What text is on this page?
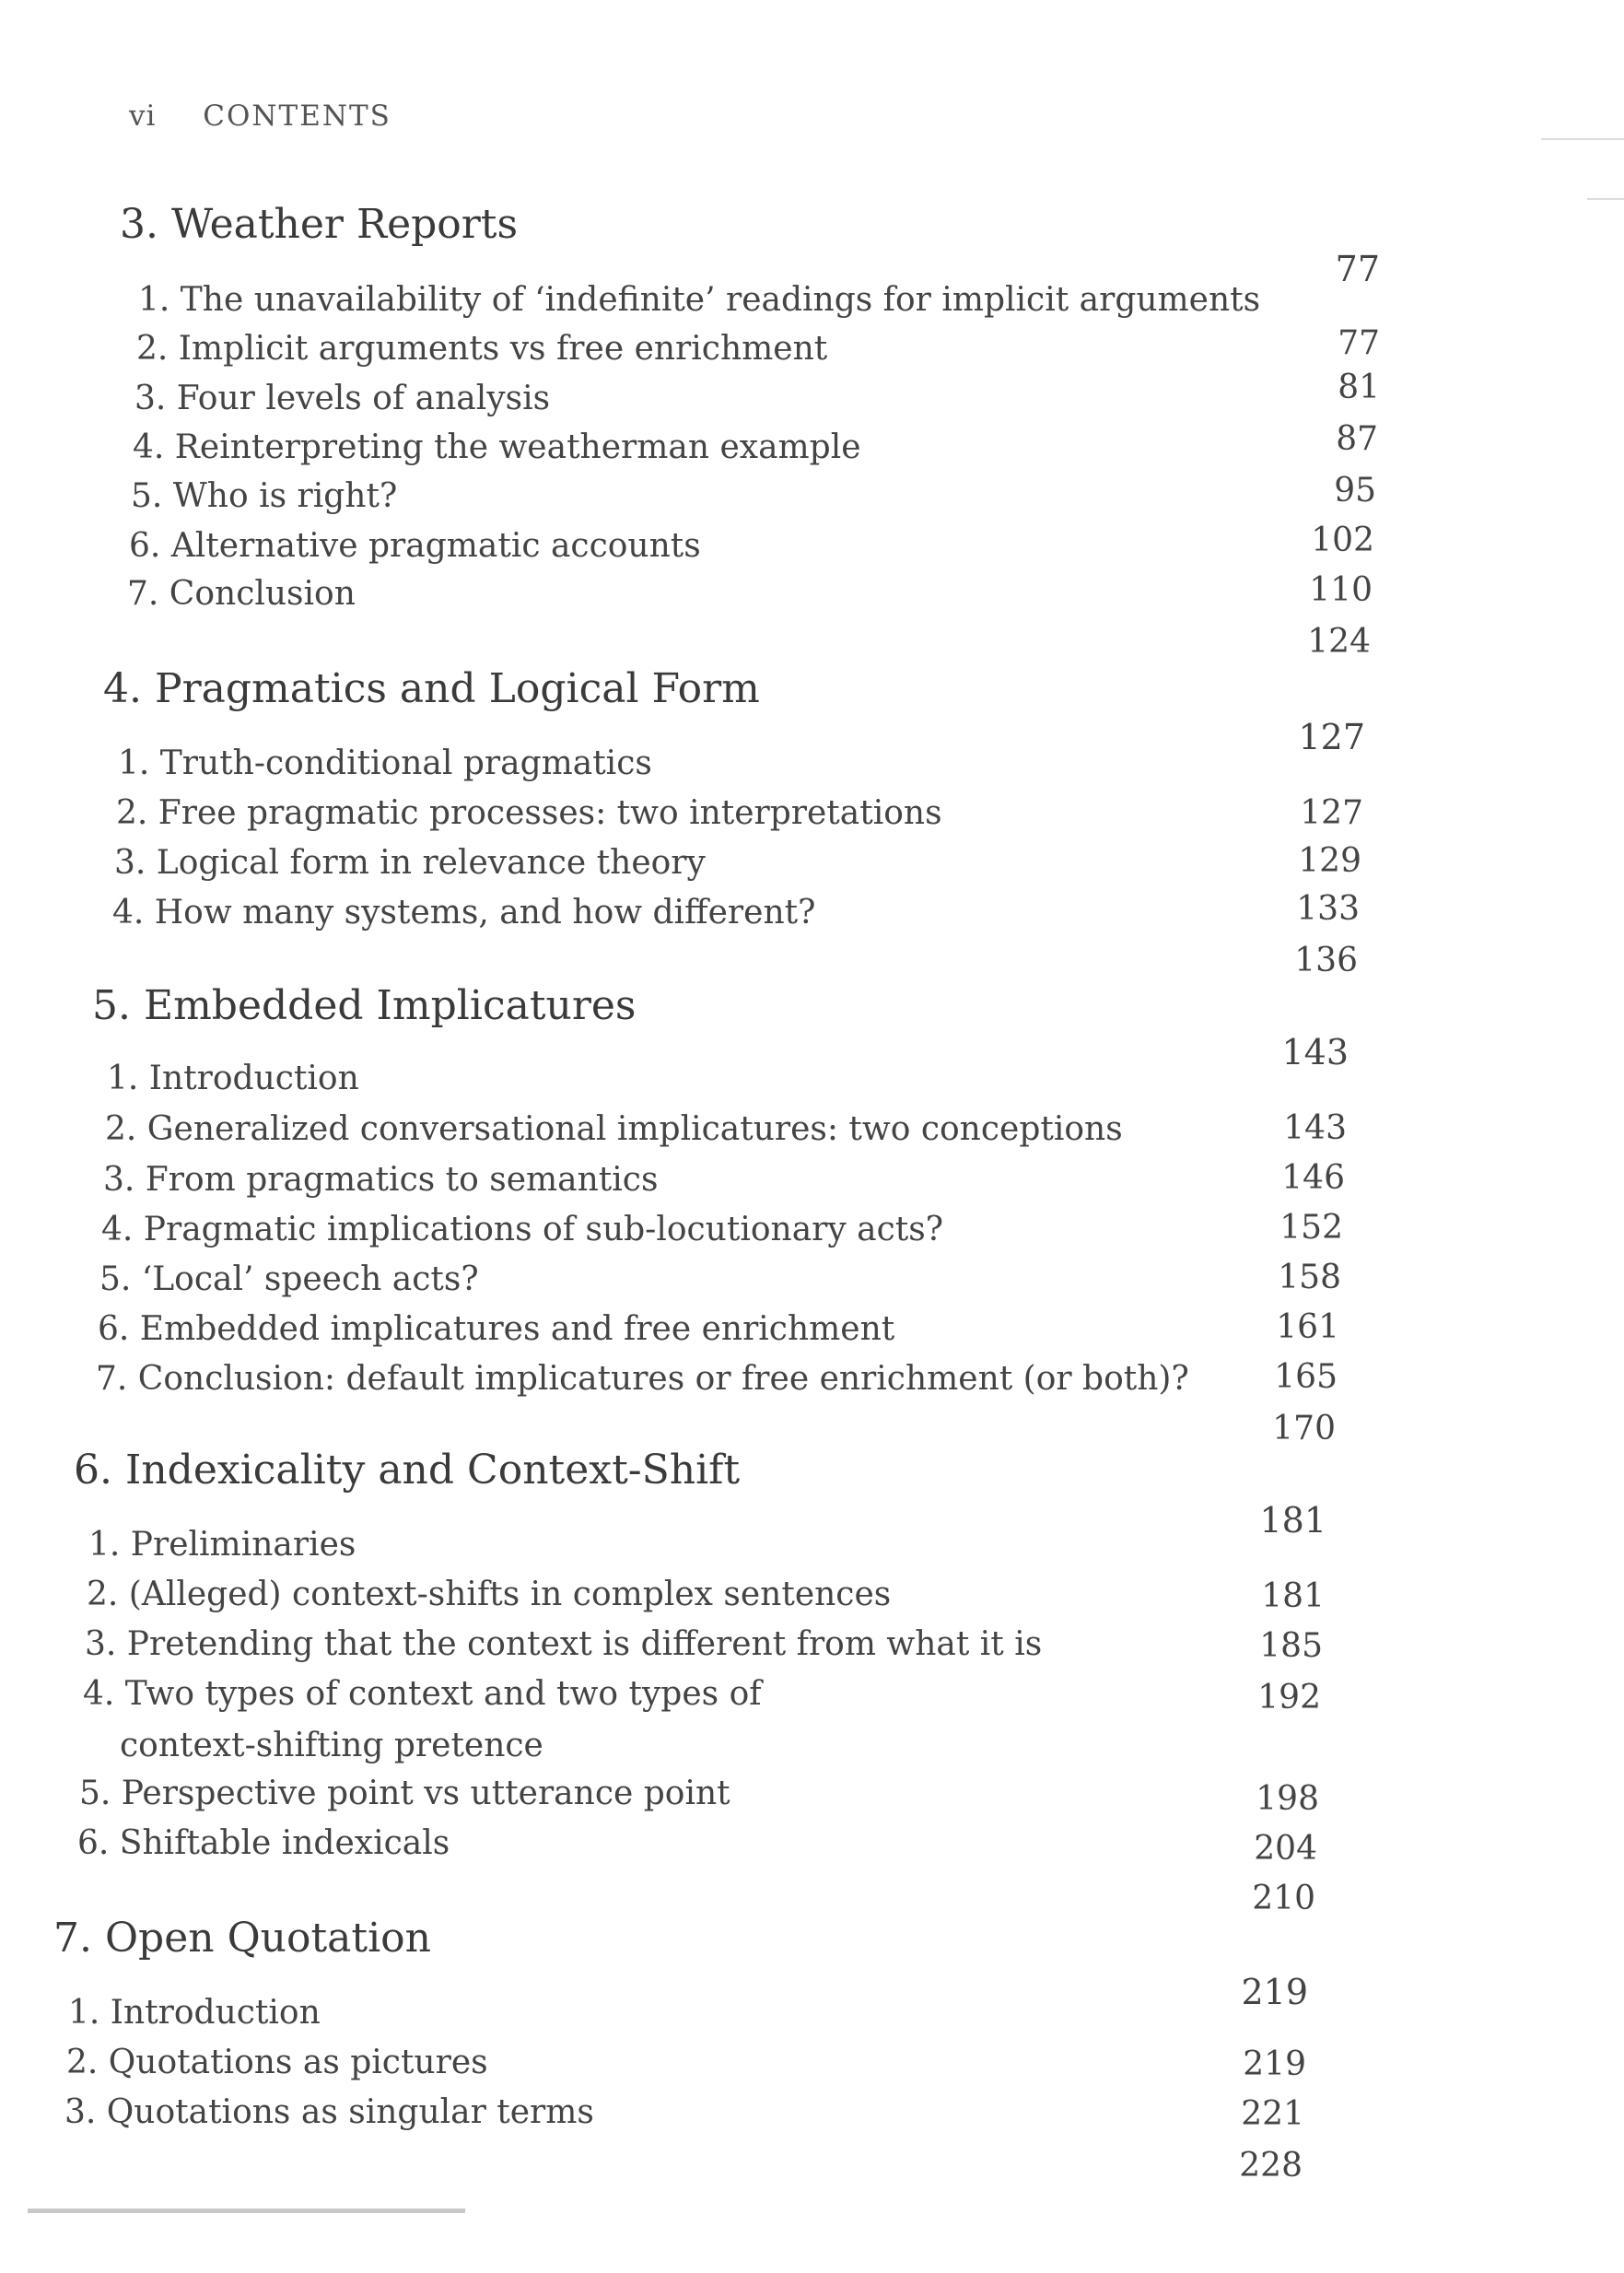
vi CONTENTS
3. Weather Reports
77
1. The unavailability of ‘indefinite’ readings for implicit arguments
77
2. Implicit arguments vs free enrichment
81
3. Four levels of analysis
87
4. Reinterpreting the weatherman example
95
5. Who is right?
102
6. Alternative pragmatic accounts
110
7. Conclusion
124
4. Pragmatics and Logical Form
127
1. Truth-conditional pragmatics
127
2. Free pragmatic processes: two interpretations
129
3. Logical form in relevance theory
133
4. How many systems, and how different?
136
5. Embedded Implicatures
143
1. Introduction
143
2. Generalized conversational implicatures: two conceptions
146
3. From pragmatics to semantics
152
4. Pragmatic implications of sub-locutionary acts?
158
5. ‘Local’ speech acts?
161
6. Embedded implicatures and free enrichment
165
7. Conclusion: default implicatures or free enrichment (or both)?
170
6. Indexicality and Context-Shift
181
1. Preliminaries
181
2. (Alleged) context-shifts in complex sentences
185
3. Pretending that the context is different from what it is
192
4. Two types of context and two types of
context-shifting pretence
198
5. Perspective point vs utterance point
204
6. Shiftable indexicals
210
7. Open Quotation
219
1. Introduction
219
2. Quotations as pictures
221
3. Quotations as singular terms
228
